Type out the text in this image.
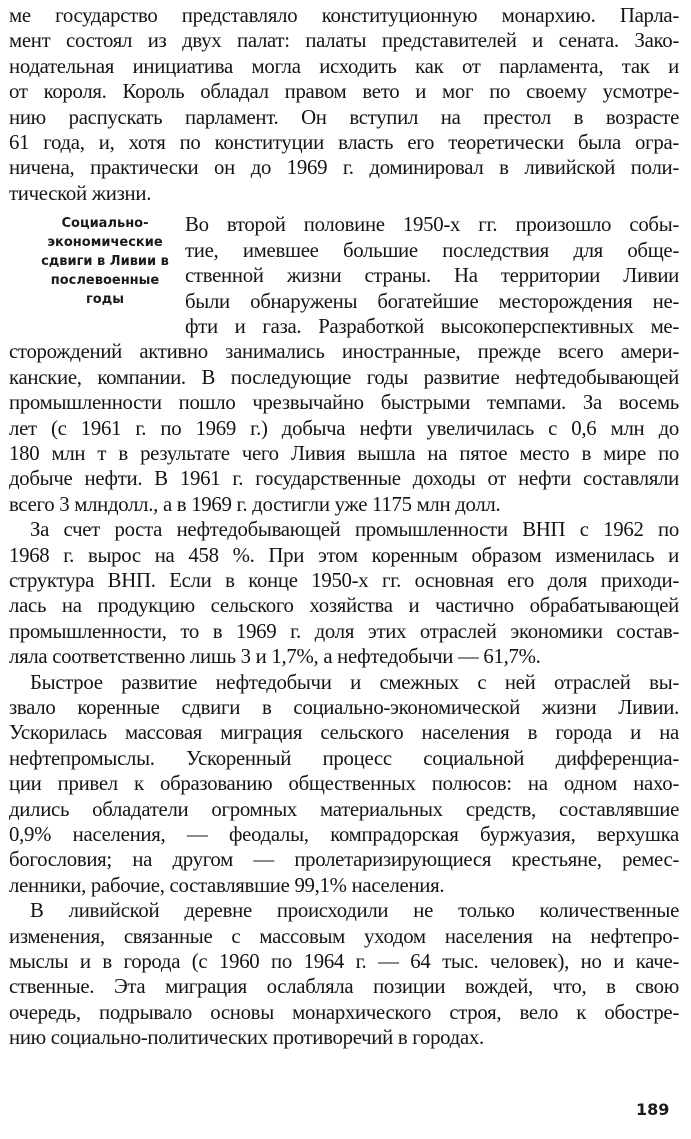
Социально-
экономические
сдвиги в Ливии в
послевоенные
годы
ме государство представляло конституционную монархию. Парла-
мент состоял из двух палат: палаты представителей и сената. Зако-
нодательная инициатива могла исходить как от парламента, так и
от короля. Король обладал правом вето и мог по своему усмотре-
нию распускать парламент. Он вступил на престол в возрасте
61 года, и, хотя по конституции власть его теоретически была огра-
ничена, практически он до 1969 г. доминировал в ливийской поли-
тической жизни.
Во второй половине 1950-х гг. произошло собы-
тие, имевшее большие последствия для обще-
ственной жизни страны. На территории Ливии
были обнаружены богатейшие месторождения не-
фти и газа. Разработкой высокоперспективных ме-
сторождений активно занимались иностранные, прежде всего амери-
канские, компании. В последующие годы развитие нефтедобывающей
промышленности пошло чрезвычайно быстрыми темпами. За восемь
лет (с 1961 г. по 1969 г.) добыча нефти увеличилась с 0,6 млн до
180 млн т в результате чего Ливия вышла на пятое место в мире по
добыче нефти. В 1961 г. государственные доходы от нефти составляли
всего 3 млндолл., а в 1969 г. достигли уже 1175 млн долл.
За счет роста нефтедобывающей промышленности ВНП с 1962 по
1968 г. вырос на 458 %. При этом коренным образом изменилась и
структура ВНП. Если в конце 1950-х гг. основная его доля приходи-
лась на продукцию сельского хозяйства и частично обрабатывающей
промышленности, то в 1969 г. доля этих отраслей экономики состав-
ляла соответственно лишь 3 и 1,7%, а нефтедобычи — 61,7%.
Быстрое развитие нефтедобычи и смежных с ней отраслей вы-
звало коренные сдвиги в социально-экономической жизни Ливии.
Ускорилась массовая миграция сельского населения в города и на
нефтепромыслы. Ускоренный процесс социальной дифференциа-
ции привел к образованию общественных полюсов: на одном нахо-
дились обладатели огромных материальных средств, составлявшие
0,9% населения, — феодалы, компрадорская буржуазия, верхушка
богословия; на другом — пролетаризирующиеся крестьяне, ремес-
ленники, рабочие, составлявшие 99,1% населения.
В ливийской деревне происходили не только количественные
изменения, связанные с массовым уходом населения на нефтепро-
мыслы и в города (с 1960 по 1964 г. — 64 тыс. человек), но и каче-
ственные. Эта миграция ослабляла позиции вождей, что, в свою
очередь, подрывало основы монархического строя, вело к обостре-
нию социально-политических противоречий в городах.
189
